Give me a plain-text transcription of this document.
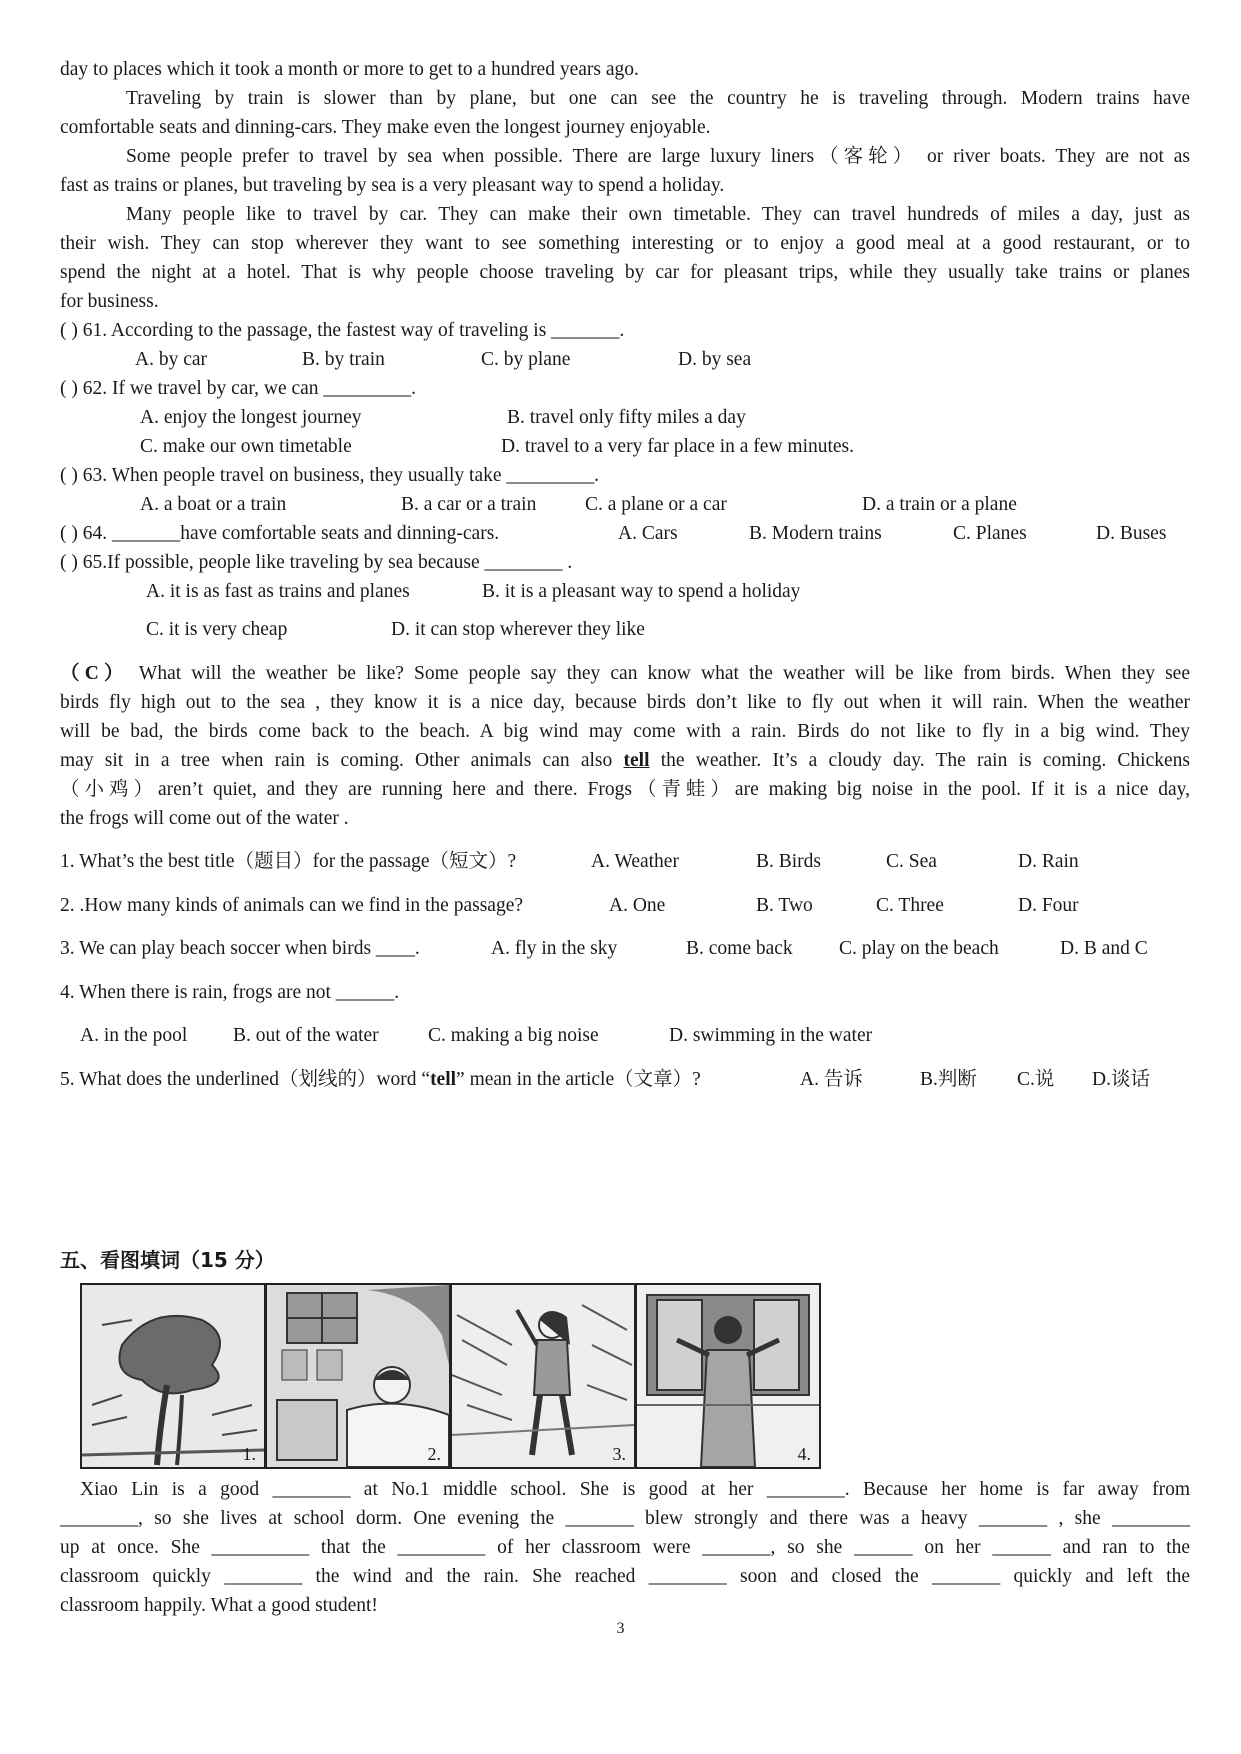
day to places which it took a month or more to get to a hundred years ago.
Traveling by train is slower than by plane, but one can see the country he is traveling through. Modern trains have
comfortable seats and dinning-cars. They make even the longest journey enjoyable.
Some people prefer to travel by sea when possible. There are large luxury liners（客轮） or river boats. They are not as
fast as trains or planes, but traveling by sea is a very pleasant way to spend a holiday.
Many people like to travel by car. They can make their own timetable. They can travel hundreds of miles a day, just as
their wish. They can stop wherever they want to see something interesting or to enjoy a good meal at a good restaurant, or to
spend the night at a hotel. That is why people choose traveling by car for pleasant trips, while they usually take trains or planes
for business.
( ) 61. According to the passage, the fastest way of traveling is _______.
A. by car	B. by train	C. by plane	D. by sea
( ) 62. If we travel by car, we can _________.
A. enjoy the longest journey	B. travel only fifty miles a day
C. make our own timetable	D. travel to a very far place in a few minutes.
( ) 63. When people travel on business, they usually take _________.
A. a boat or a train	B. a car or a train C. a plane or a car	D. a train or a plane
( ) 64. _______have comfortable seats and dinning-cars.	A. Cars	B. Modern trains	C. Planes	D. Buses
( ) 65.If possible, people like traveling by sea because ________ .
A. it is as fast as trains and planes	B. it is a pleasant way to spend a holiday
C. it is very cheap	D. it can stop wherever they like
（C） What will the weather be like? Some people say they can know what the weather will be like from birds. When they see
birds fly high out to the sea , they know it is a nice day, because birds don’t like to fly out when it will rain. When the weather
will be bad, the birds come back to the beach. A big wind may come with a rain. Birds do not like to fly in a big wind. They
may sit in a tree when rain is coming. Other animals can also tell the weather. It’s a cloudy day. The rain is coming. Chickens
（小鸡）aren’t quiet, and they are running here and there. Frogs（青蛙）are making big noise in the pool. If it is a nice day,
the frogs will come out of the water .
1. What’s the best title（题目）for the passage（短文）?	A. Weather	B. Birds	C. Sea	D. Rain
2. .How many kinds of animals can we find in the passage?	A. One	B. Two	C. Three	D. Four
3. We can play beach soccer when birds ____.	A. fly in the sky	B. come back C. play on the beach	D. B and C
4. When there is rain, frogs are not ______.
A. in the pool B. out of the water	C. making a big noise	D. swimming in the water
5. What does the underlined（划线的）word “tell” mean in the article（文章）?	A. 告诉	B.判断 C.说 D.谈话
五、看图填词（15 分）
1.	2.	3.	4.
Xiao Lin is a good ________ at No.1 middle school. She is good at her ________. Because her home is far away from
________, so she lives at school dorm. One evening the _______ blew strongly and there was a heavy _______ , she ________
up at once. She __________ that the _________ of her classroom were _______, so she ______ on her ______ and ran to the
classroom quickly ________ the wind and the rain. She reached ________ soon and closed the _______ quickly and left the
classroom happily. What a good student!
3
